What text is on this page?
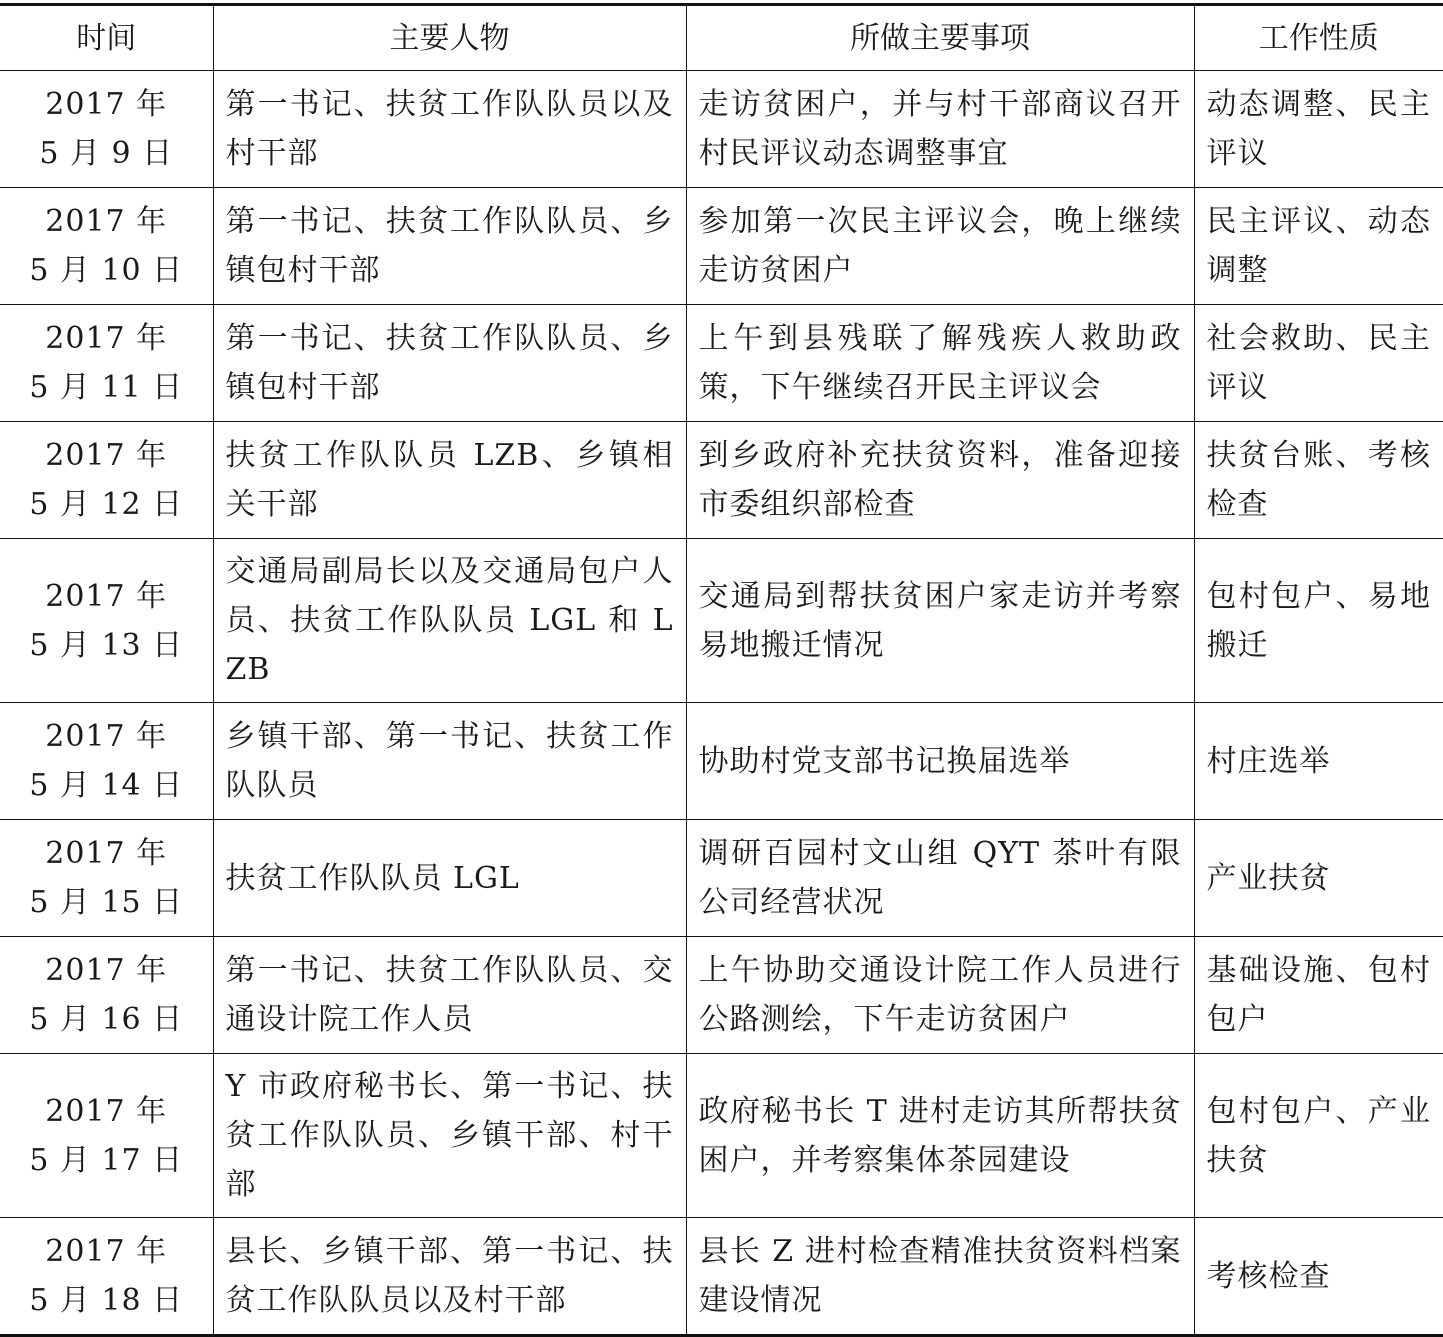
时间	主要人物	所做主要事项	工作性质

2017 年
5 月 9 日	第一书记、扶贫工作队队员以及村干部	走访贫困户，并与村干部商议召开村民评议动态调整事宜	动态调整、民主评议

2017 年
5 月 10 日	第一书记、扶贫工作队队员、乡镇包村干部	参加第一次民主评议会，晚上继续走访贫困户	民主评议、动态调整

2017 年
5 月 11 日	第一书记、扶贫工作队队员、乡镇包村干部	上午到县残联了解残疾人救助政策，下午继续召开民主评议会	社会救助、民主评议

2017 年
5 月 12 日	扶贫工作队队员 LZB、乡镇相关干部	到乡政府补充扶贫资料，准备迎接市委组织部检查	扶贫台账、考核检查

2017 年
5 月 13 日	交通局副局长以及交通局包户人员、扶贫工作队队员 LGL 和 LZB	交通局到帮扶贫困户家走访并考察易地搬迁情况	包村包户、易地搬迁

2017 年
5 月 14 日	乡镇干部、第一书记、扶贫工作队队员	协助村党支部书记换届选举	村庄选举

2017 年
5 月 15 日	扶贫工作队队员 LGL	调研百园村文山组 QYT 茶叶有限公司经营状况	产业扶贫

2017 年
5 月 16 日	第一书记、扶贫工作队队员、交通设计院工作人员	上午协助交通设计院工作人员进行公路测绘，下午走访贫困户	基础设施、包村包户

2017 年
5 月 17 日	Y 市政府秘书长、第一书记、扶贫工作队队员、乡镇干部、村干部	政府秘书长 T 进村走访其所帮扶贫困户，并考察集体茶园建设	包村包户、产业扶贫

2017 年
5 月 18 日	县长、乡镇干部、第一书记、扶贫工作队队员以及村干部	县长 Z 进村检查精准扶贫资料档案建设情况	考核检查
